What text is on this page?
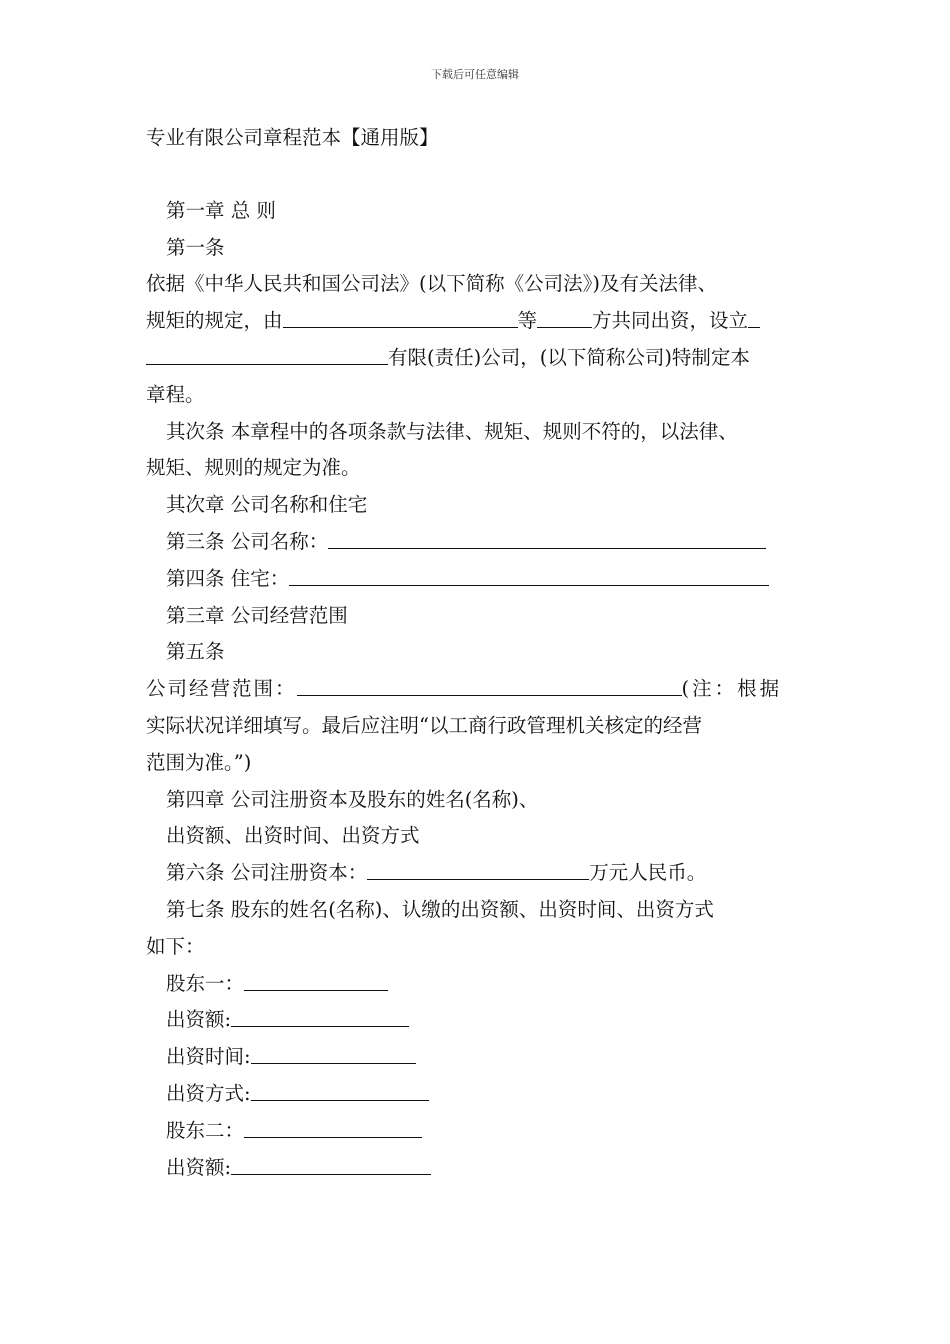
下载后可任意编辑
专业有限公司章程范本【通用版】
第一章 总 则
第一条
依据《中华人民共和国公司法》(以下简称《公司法》)及有关法律、
规矩的规定，由	等	方共同出资，设立
有限(责任)公司，(以下简称公司)特制定本
章程。
其次条 本章程中的各项条款与法律、规矩、规则不符的，以法律、
规矩、规则的规定为准。
其次章 公司名称和住宅
第三条 公司名称：
第四条 住宅：
第三章 公司经营范围
第五条
公司经营范围：	(注：根据
实际状况详细填写。最后应注明“以工商行政管理机关核定的经营
范围为准。”)
第四章 公司注册资本及股东的姓名(名称)、
出资额、出资时间、出资方式
第六条 公司注册资本：	万元人民币。
第七条 股东的姓名(名称)、认缴的出资额、出资时间、出资方式
如下：
股东一：
出资额:
出资时间:
出资方式:
股东二：
出资额:
